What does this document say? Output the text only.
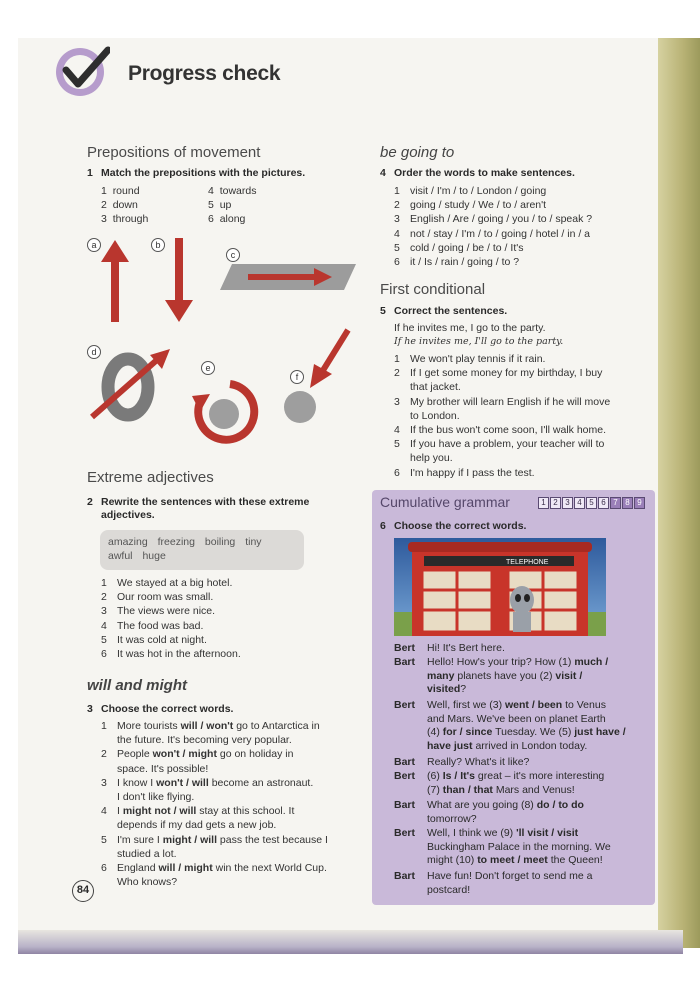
Progress check
Prepositions of movement
1 Match the prepositions with the pictures.
1 round
2 down
3 through
4 towards
5 up
6 along
a	b
c
d
e
f
Extreme adjectives
2 Rewrite the sentences with these extreme
adjectives.
amazing freezing boiling tiny
awful huge
1 We stayed at a big hotel.
2 Our room was small.
3 The views were nice.
4 The food was bad.
5 It was cold at night.
6 It was hot in the afternoon.
will and might
3 Choose the correct words.
1 More tourists will / won't go to Antarctica in
the future. It's becoming very popular.
2 People won't / might go on holiday in
space. It's possible!
3 I know I won't / will become an astronaut.
I don't like flying.
4 I might not / will stay at this school. It
depends if my dad gets a new job.
5 I'm sure I might / will pass the test because I
studied a lot.
6 England will / might win the next World Cup.
Who knows?
84
be going to
4 Order the words to make sentences.
1 visit / I'm / to / London / going
2 going / study / We / to / aren't
3 English / Are / going / you / to / speak ?
4 not / stay / I'm / to / going / hotel / in / a
5 cold / going / be / to / It's
6 it / Is / rain / going / to ?
First conditional
5 Correct the sentences.
If he invites me, I go to the party.
If he invites me, I'll go to the party.
1 We won't play tennis if it rain.
2 If I get some money for my birthday, I buy
that jacket.
3 My brother will learn English if he will move
to London.
4 If the bus won't come soon, I'll walk home.
5 If you have a problem, your teacher will to
help you.
6 I'm happy if I pass the test.
Cumulative grammar	1 2 3 4 5 6 7 8 9
6 Choose the correct words.
TELEPHONE
Bert Hi! It's Bert here.
Bart Hello! How's your trip? How (1) much /
many planets have you (2) visit /
visited?
Bert Well, first we (3) went / been to Venus
and Mars. We've been on planet Earth
(4) for / since Tuesday. We (5) just have /
have just arrived in London today.
Bart Really? What's it like?
Bert (6) Is / It's great – it's more interesting
(7) than / that Mars and Venus!
Bart What are you going (8) do / to do
tomorrow?
Bert Well, I think we (9) 'll visit / visit
Buckingham Palace in the morning. We
might (10) to meet / meet the Queen!
Bart Have fun! Don't forget to send me a
postcard!
